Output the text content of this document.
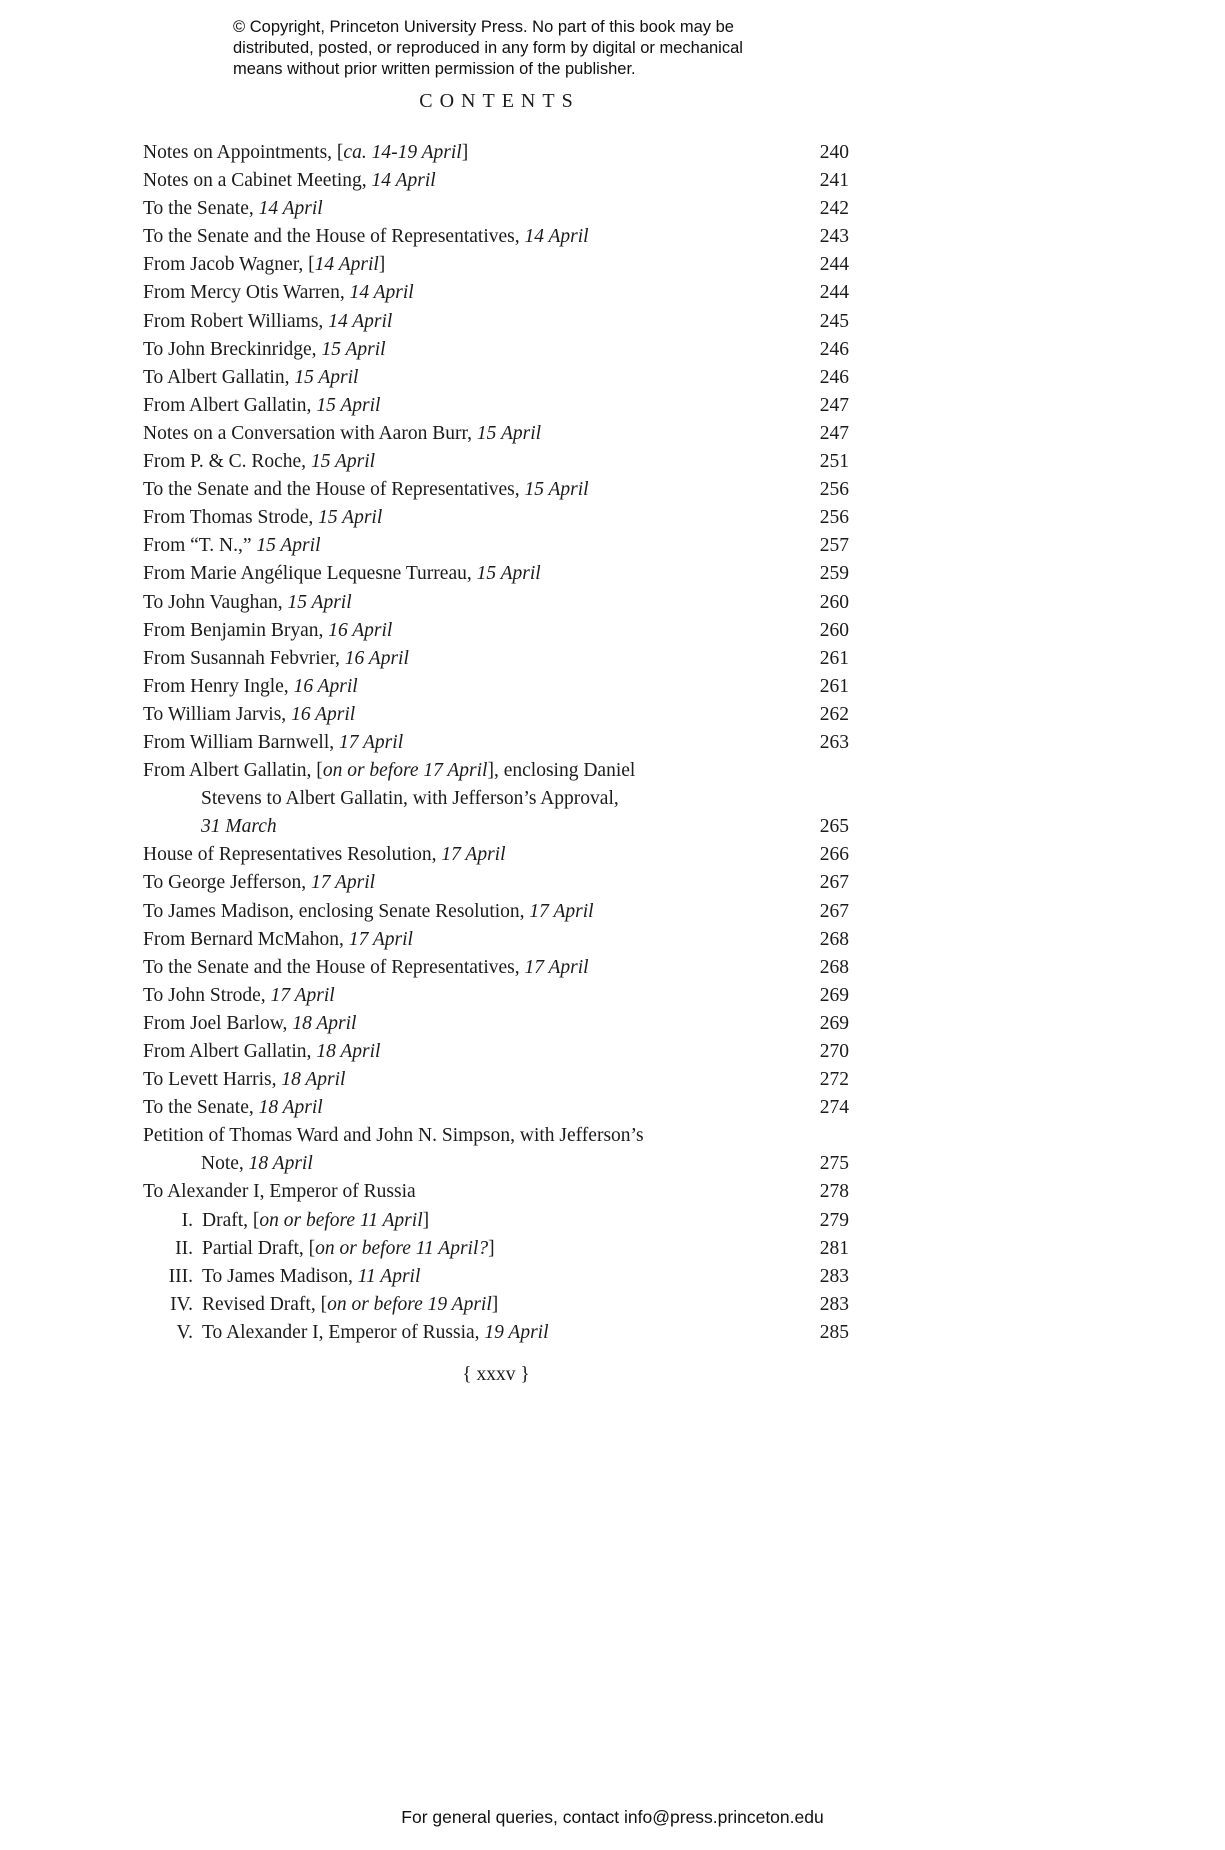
© Copyright, Princeton University Press. No part of this book may be
distributed, posted, or reproduced in any form by digital or mechanical
means without prior written permission of the publisher.
CONTENTS
Notes on Appointments, [ca. 14-19 April]	240
Notes on a Cabinet Meeting, 14 April	241
To the Senate, 14 April	242
To the Senate and the House of Representatives, 14 April	243
From Jacob Wagner, [14 April]	244
From Mercy Otis Warren, 14 April	244
From Robert Williams, 14 April	245
To John Breckinridge, 15 April	246
To Albert Gallatin, 15 April	246
From Albert Gallatin, 15 April	247
Notes on a Conversation with Aaron Burr, 15 April	247
From P. & C. Roche, 15 April	251
To the Senate and the House of Representatives, 15 April	256
From Thomas Strode, 15 April	256
From “T. N.,” 15 April	257
From Marie Angélique Lequesne Turreau, 15 April	259
To John Vaughan, 15 April	260
From Benjamin Bryan, 16 April	260
From Susannah Febvrier, 16 April	261
From Henry Ingle, 16 April	261
To William Jarvis, 16 April	262
From William Barnwell, 17 April	263
From Albert Gallatin, [on or before 17 April], enclosing Daniel
Stevens to Albert Gallatin, with Jefferson’s Approval,
31 March	265
House of Representatives Resolution, 17 April	266
To George Jefferson, 17 April	267
To James Madison, enclosing Senate Resolution, 17 April	267
From Bernard McMahon, 17 April	268
To the Senate and the House of Representatives, 17 April	268
To John Strode, 17 April	269
From Joel Barlow, 18 April	269
From Albert Gallatin, 18 April	270
To Levett Harris, 18 April	272
To the Senate, 18 April	274
Petition of Thomas Ward and John N. Simpson, with Jefferson’s
Note, 18 April	275
To Alexander I, Emperor of Russia	278
I. Draft, [on or before 11 April]	279
II. Partial Draft, [on or before 11 April?]	281
III. To James Madison, 11 April	283
IV. Revised Draft, [on or before 19 April]	283
V. To Alexander I, Emperor of Russia, 19 April	285
{ xxxv }
For general queries, contact info@press.princeton.edu
